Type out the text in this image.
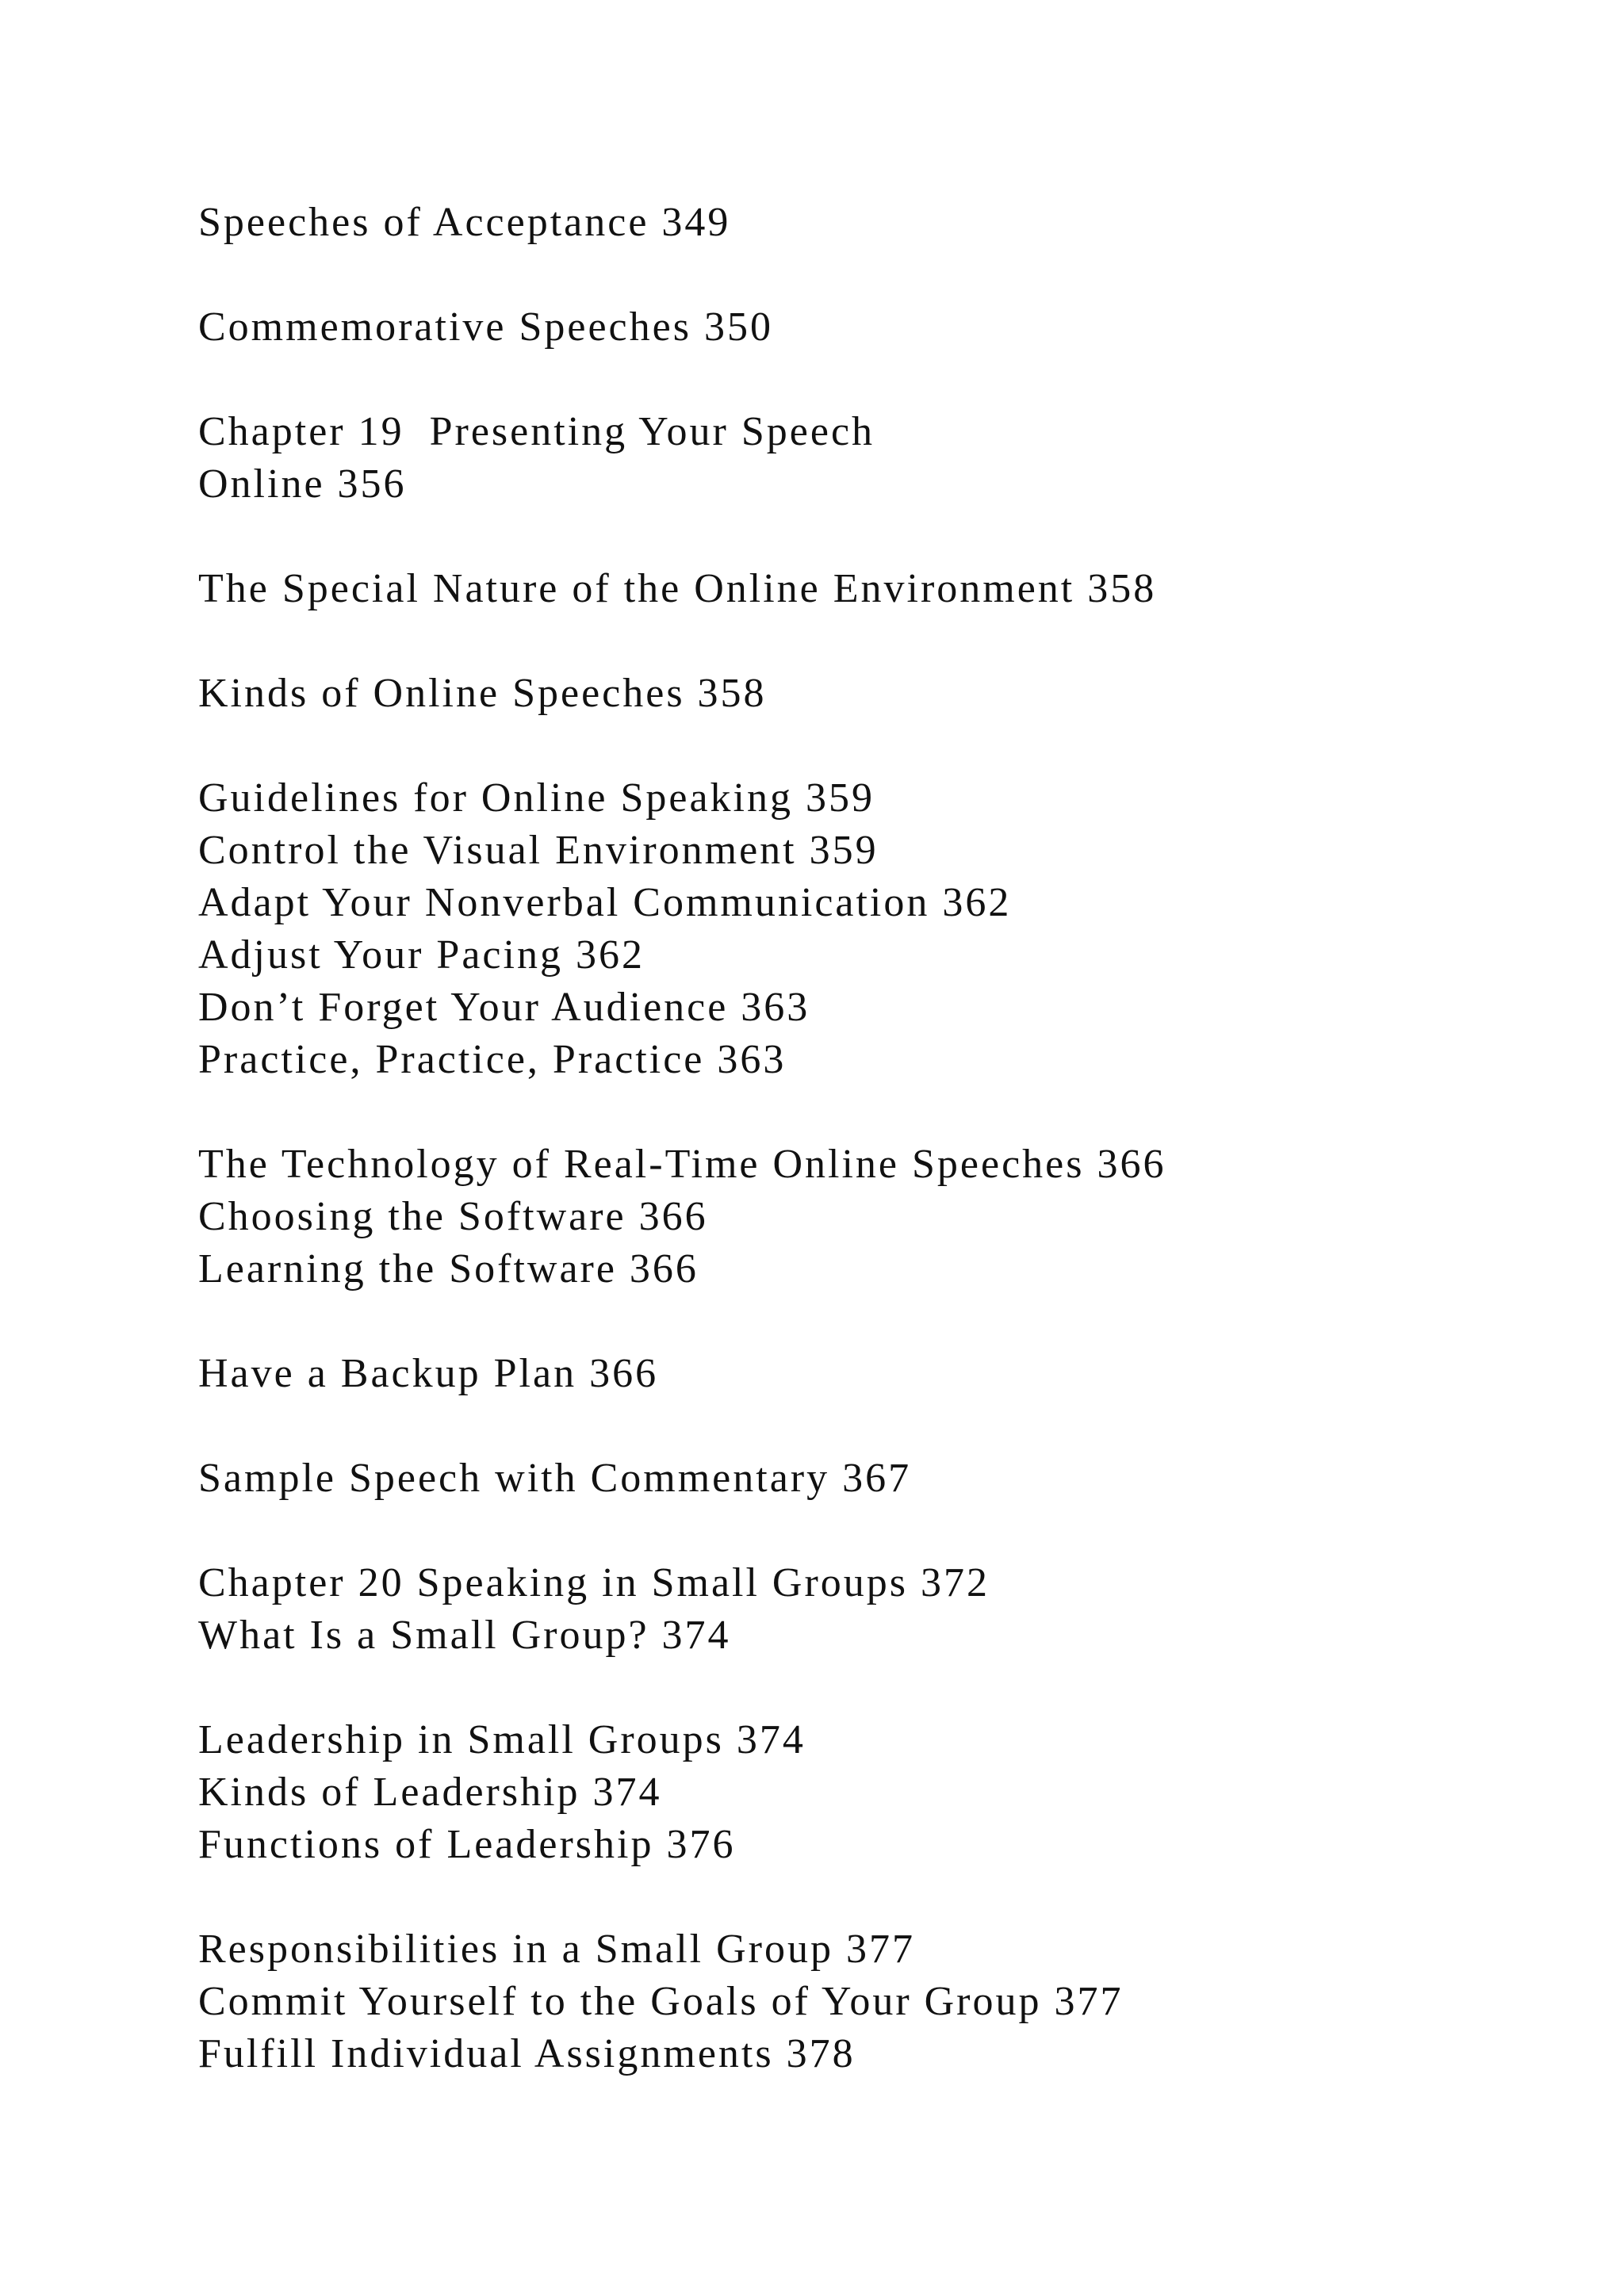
Speeches of Acceptance 349
Commemorative Speeches 350
Chapter 19  Presenting Your Speech
Online 356
The Special Nature of the Online Environment 358
Kinds of Online Speeches 358
Guidelines for Online Speaking 359
Control the Visual Environment 359
Adapt Your Nonverbal Communication 362
Adjust Your Pacing 362
Don’t Forget Your Audience 363
Practice, Practice, Practice 363
The Technology of Real-Time Online Speeches 366
Choosing the Software 366
Learning the Software 366
Have a Backup Plan 366
Sample Speech with Commentary 367
Chapter 20 Speaking in Small Groups 372
What Is a Small Group? 374
Leadership in Small Groups 374
Kinds of Leadership 374
Functions of Leadership 376
Responsibilities in a Small Group 377
Commit Yourself to the Goals of Your Group 377
Fulfill Individual Assignments 378
